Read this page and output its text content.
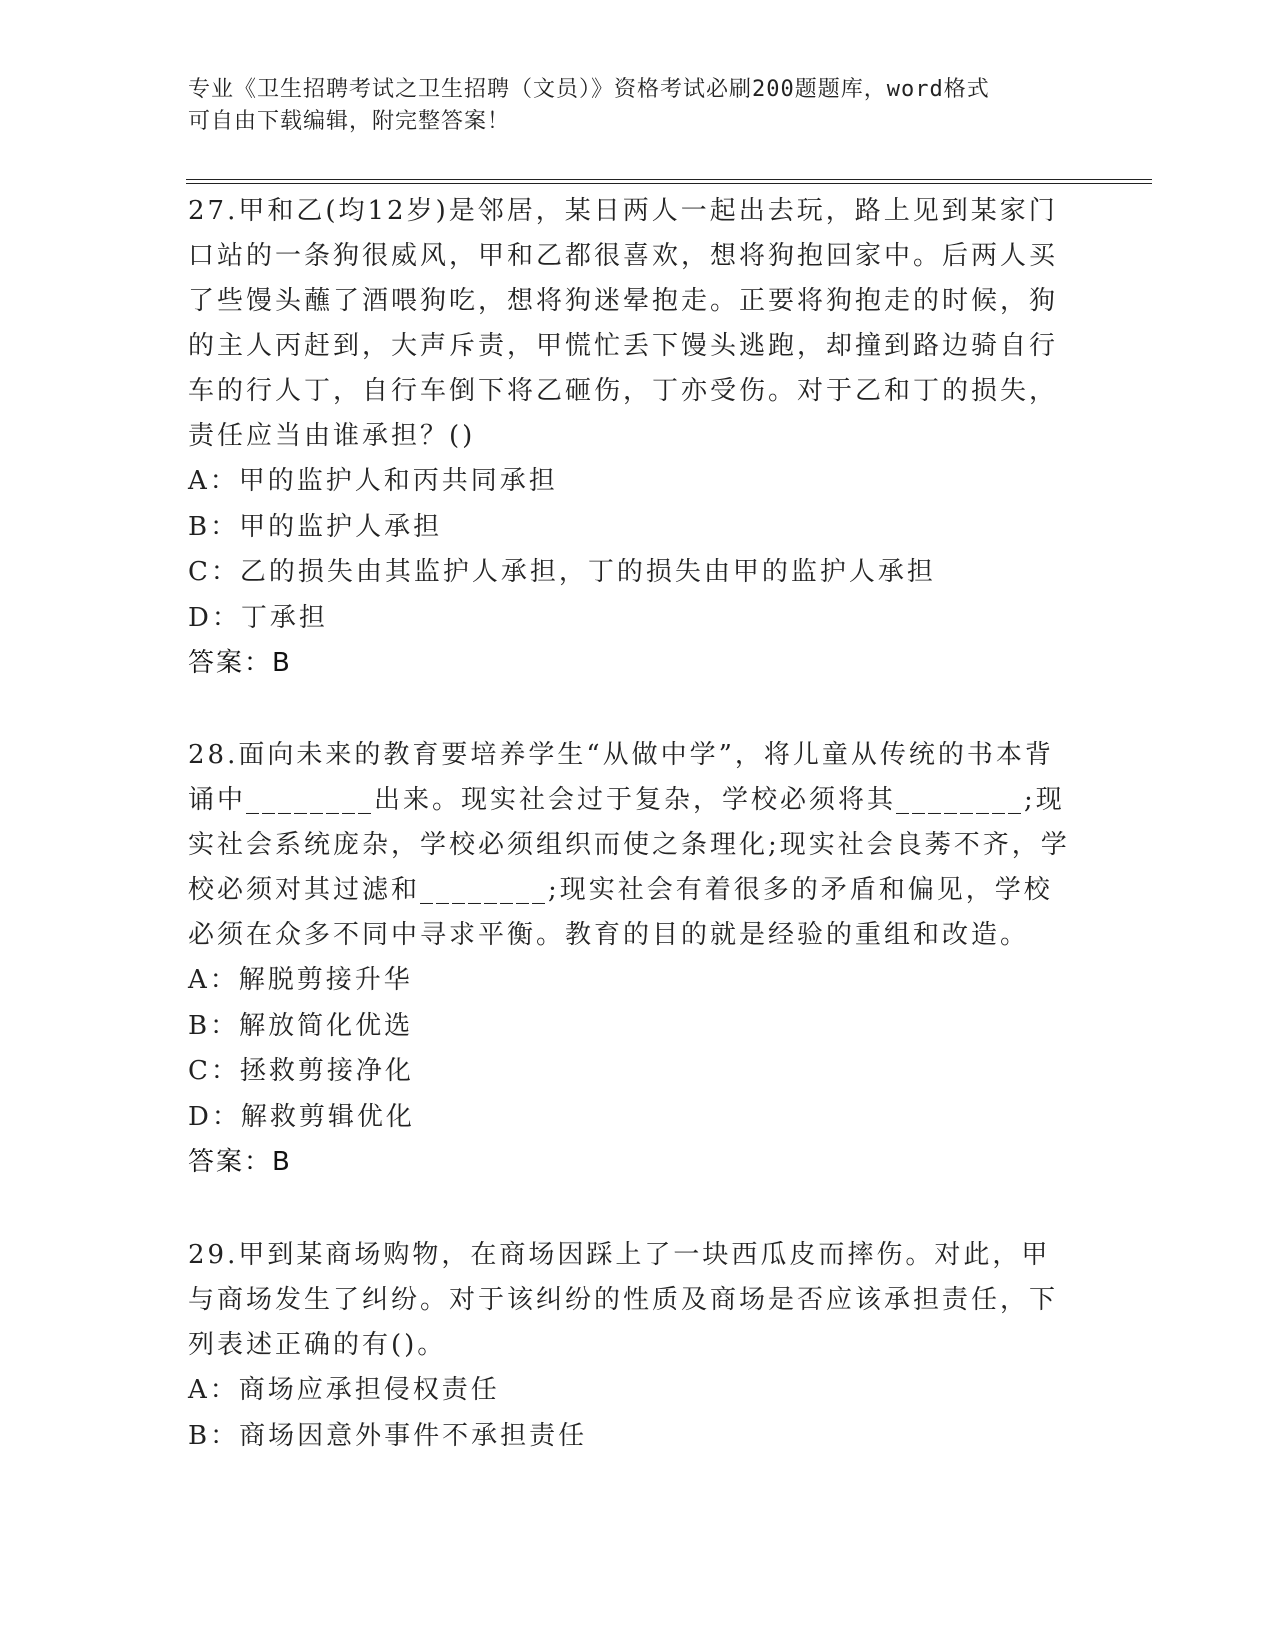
专业《卫生招聘考试之卫生招聘（文员）》资格考试必刷200题题库，word格式
可自由下载编辑，附完整答案！
27.甲和乙(均12岁)是邻居，某日两人一起出去玩，路上见到某家门口站的一条狗很威风，甲和乙都很喜欢，想将狗抱回家中。后两人买了些馒头蘸了酒喂狗吃，想将狗迷晕抱走。正要将狗抱走的时候，狗的主人丙赶到，大声斥责，甲慌忙丢下馒头逃跑，却撞到路边骑自行车的行人丁，自行车倒下将乙砸伤，丁亦受伤。对于乙和丁的损失，责任应当由谁承担？()
A：甲的监护人和丙共同承担
B：甲的监护人承担
C：乙的损失由其监护人承担，丁的损失由甲的监护人承担
D：丁承担
答案：B
28.面向未来的教育要培养学生“从做中学”，将儿童从传统的书本背诵中________出来。现实社会过于复杂，学校必须将其________;现实社会系统庞杂，学校必须组织而使之条理化;现实社会良莠不齐，学校必须对其过滤和________;现实社会有着很多的矛盾和偏见，学校必须在众多不同中寻求平衡。教育的目的就是经验的重组和改造。
A：解脱剪接升华
B：解放简化优选
C：拯救剪接净化
D：解救剪辑优化
答案：B
29.甲到某商场购物，在商场因踩上了一块西瓜皮而摔伤。对此，甲与商场发生了纠纷。对于该纠纷的性质及商场是否应该承担责任，下列表述正确的有()。
A：商场应承担侵权责任
B：商场因意外事件不承担责任
